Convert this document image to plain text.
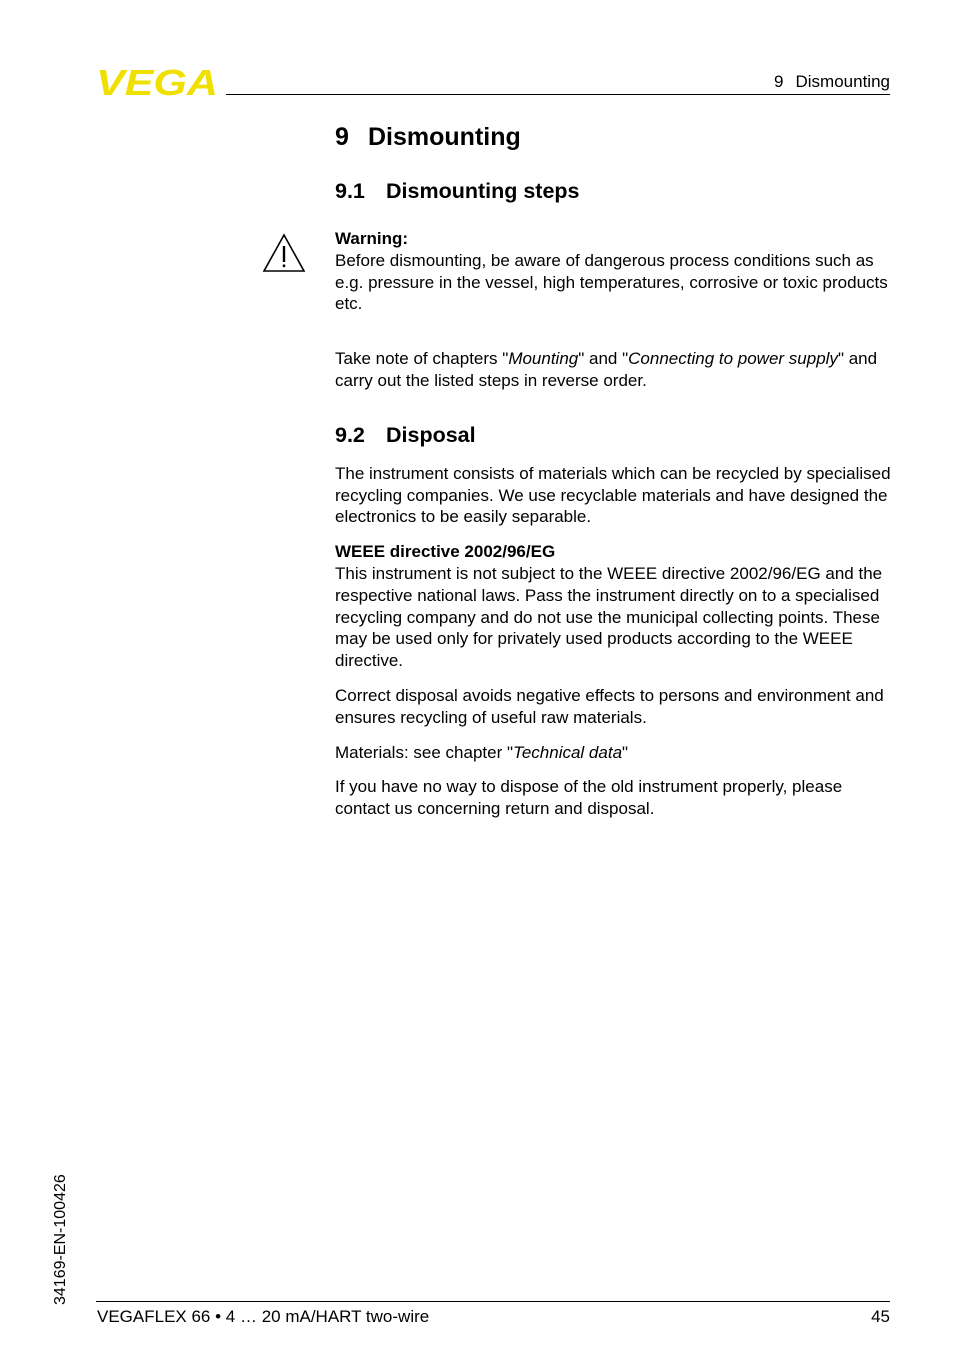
VEGA	9 Dismounting
9 Dismounting
9.1 Dismounting steps

Warning:

Before dismounting, be aware of dangerous process conditions such as e.g. pressure in the vessel, high temperatures, corrosive or toxic products etc.

Take note of chapters "Mounting" and "Connecting to power supply" and carry out the listed steps in reverse order.

9.2 Disposal

The instrument consists of materials which can be recycled by specialised recycling companies. We use recyclable materials and have designed the electronics to be easily separable.

WEEE directive 2002/96/EG

This instrument is not subject to the WEEE directive 2002/96/EG and the respective national laws. Pass the instrument directly on to a specialised recycling company and do not use the municipal collecting points. These may be used only for privately used products according to the WEEE directive.

Correct disposal avoids negative effects to persons and environment and ensures recycling of useful raw materials.

Materials: see chapter "Technical data"

If you have no way to dispose of the old instrument properly, please contact us concerning return and disposal.

34169-EN-100426
VEGAFLEX 66 • 4 … 20 mA/HART two-wire	45
